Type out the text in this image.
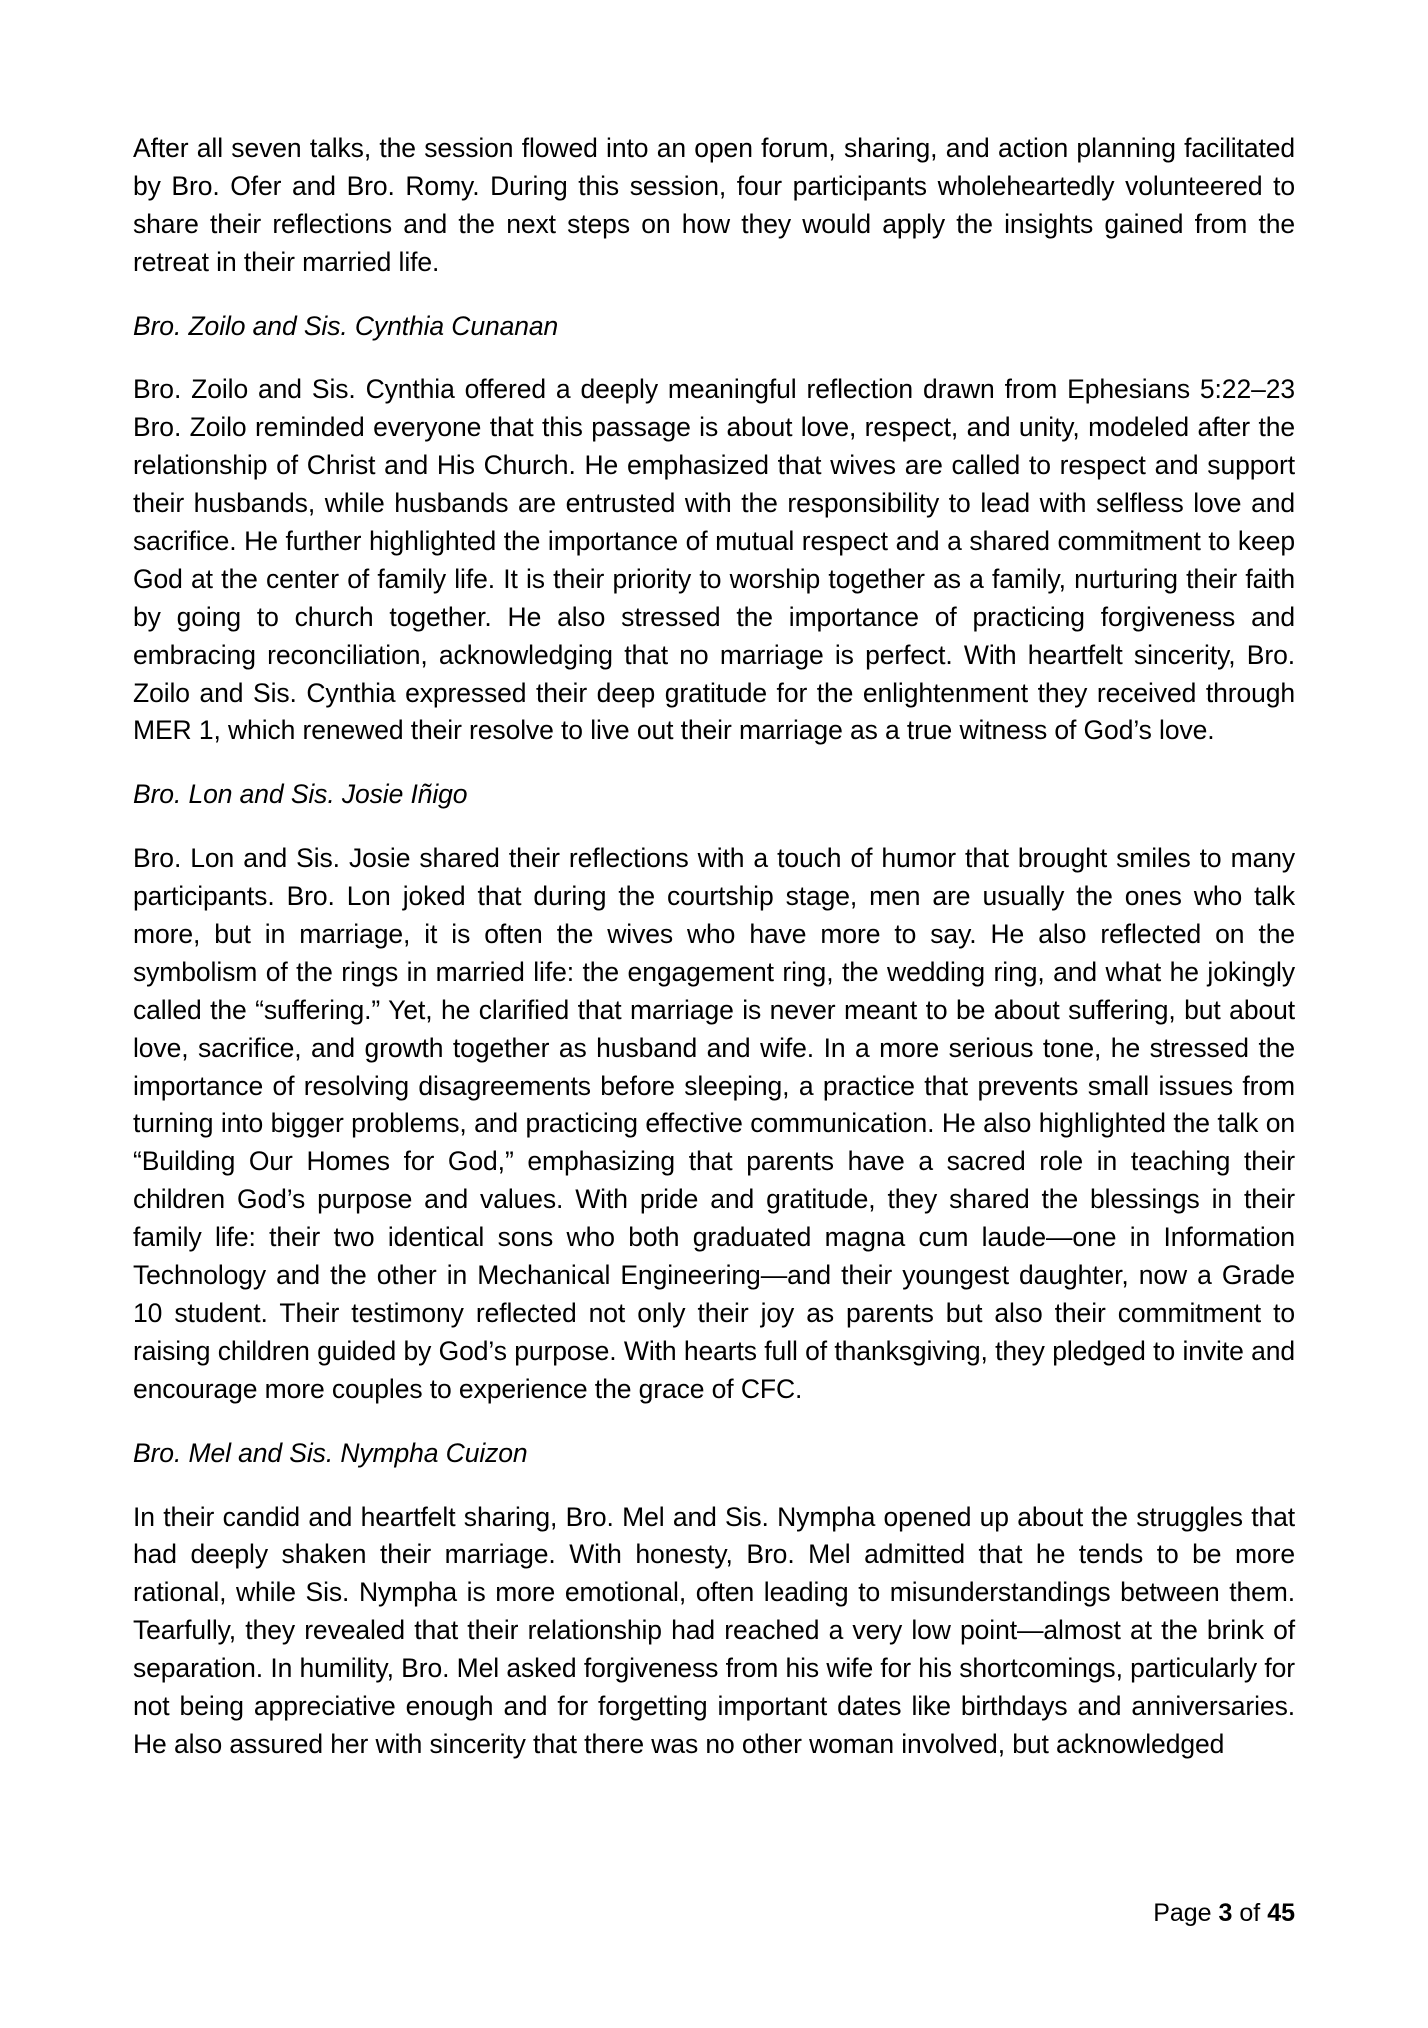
After all seven talks, the session flowed into an open forum, sharing, and action planning facilitated by Bro. Ofer and Bro. Romy. During this session, four participants wholeheartedly volunteered to share their reflections and the next steps on how they would apply the insights gained from the retreat in their married life.

Bro. Zoilo and Sis. Cynthia Cunanan

Bro. Zoilo and Sis. Cynthia offered a deeply meaningful reflection drawn from Ephesians 5:22–23 Bro. Zoilo reminded everyone that this passage is about love, respect, and unity, modeled after the relationship of Christ and His Church. He emphasized that wives are called to respect and support their husbands, while husbands are entrusted with the responsibility to lead with selfless love and sacrifice. He further highlighted the importance of mutual respect and a shared commitment to keep God at the center of family life. It is their priority to worship together as a family, nurturing their faith by going to church together. He also stressed the importance of practicing forgiveness and embracing reconciliation, acknowledging that no marriage is perfect. With heartfelt sincerity, Bro. Zoilo and Sis. Cynthia expressed their deep gratitude for the enlightenment they received through MER 1, which renewed their resolve to live out their marriage as a true witness of God’s love.

Bro. Lon and Sis. Josie Iñigo

Bro. Lon and Sis. Josie shared their reflections with a touch of humor that brought smiles to many participants. Bro. Lon joked that during the courtship stage, men are usually the ones who talk more, but in marriage, it is often the wives who have more to say. He also reflected on the symbolism of the rings in married life: the engagement ring, the wedding ring, and what he jokingly called the “suffering.” Yet, he clarified that marriage is never meant to be about suffering, but about love, sacrifice, and growth together as husband and wife. In a more serious tone, he stressed the importance of resolving disagreements before sleeping, a practice that prevents small issues from turning into bigger problems, and practicing effective communication. He also highlighted the talk on “Building Our Homes for God,” emphasizing that parents have a sacred role in teaching their children God’s purpose and values. With pride and gratitude, they shared the blessings in their family life: their two identical sons who both graduated magna cum laude—one in Information Technology and the other in Mechanical Engineering—and their youngest daughter, now a Grade 10 student. Their testimony reflected not only their joy as parents but also their commitment to raising children guided by God’s purpose. With hearts full of thanksgiving, they pledged to invite and encourage more couples to experience the grace of CFC.

Bro. Mel and Sis. Nympha Cuizon

In their candid and heartfelt sharing, Bro. Mel and Sis. Nympha opened up about the struggles that had deeply shaken their marriage. With honesty, Bro. Mel admitted that he tends to be more rational, while Sis. Nympha is more emotional, often leading to misunderstandings between them. Tearfully, they revealed that their relationship had reached a very low point—almost at the brink of separation. In humility, Bro. Mel asked forgiveness from his wife for his shortcomings, particularly for not being appreciative enough and for forgetting important dates like birthdays and anniversaries. He also assured her with sincerity that there was no other woman involved, but acknowledged

Page 3 of 45
